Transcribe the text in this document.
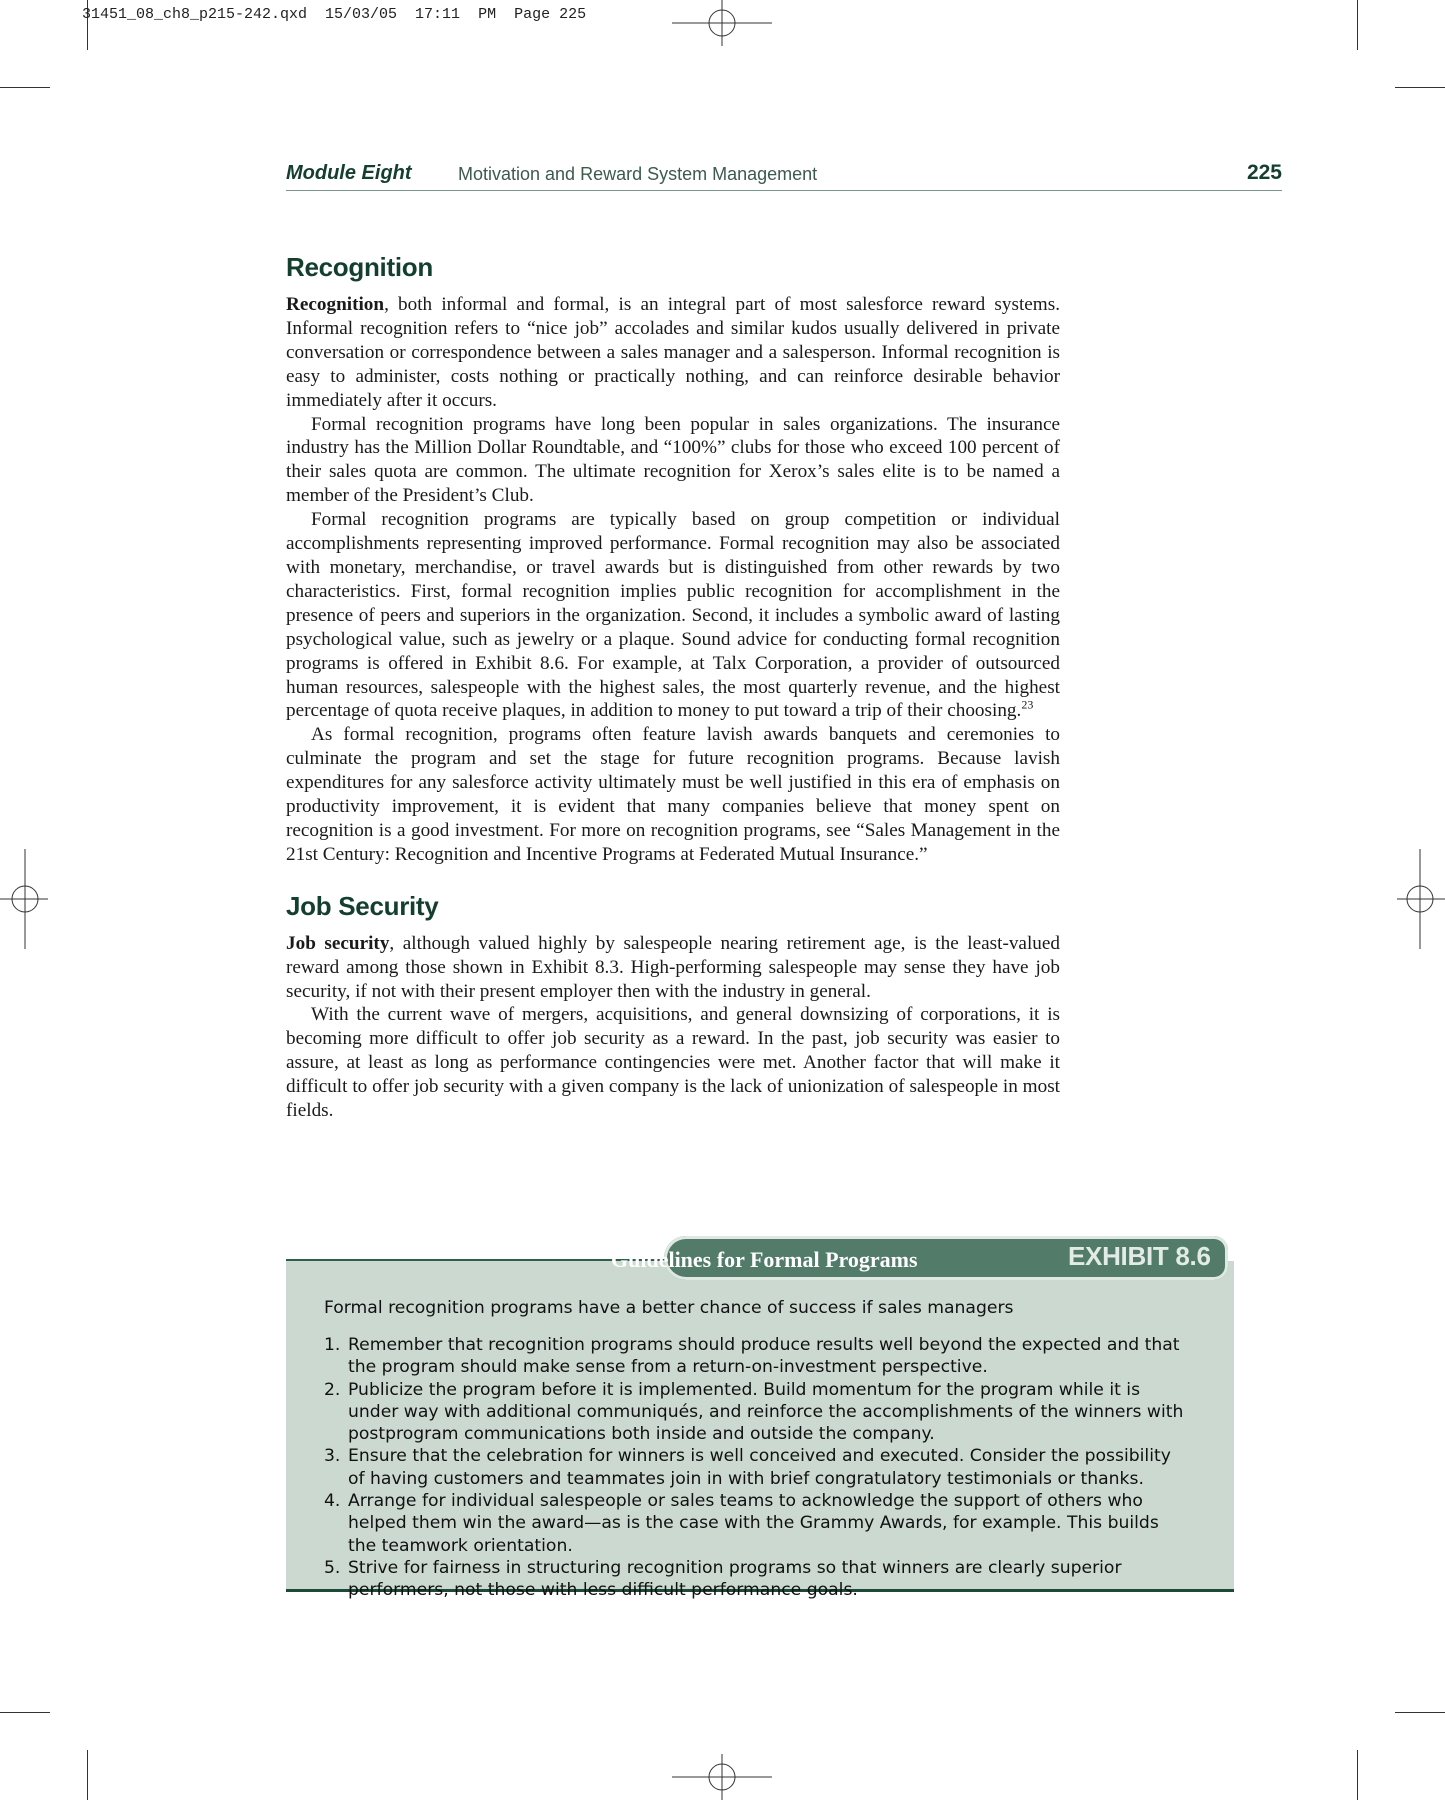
31451_08_ch8_p215-242.qxd  15/03/05  17:11  PM  Page 225
Module Eight	Motivation and Reward System Management	225
Recognition

Recognition, both informal and formal, is an integral part of most salesforce reward systems. Informal recognition refers to “nice job” accolades and similar kudos usually delivered in private conversation or correspondence between a sales manager and a salesperson. Informal recognition is easy to administer, costs nothing or practically nothing, and can reinforce desirable behavior immediately after it occurs.

Formal recognition programs have long been popular in sales organizations. The insurance industry has the Million Dollar Roundtable, and “100%” clubs for those who exceed 100 percent of their sales quota are common. The ultimate recognition for Xerox’s sales elite is to be named a member of the President’s Club.

Formal recognition programs are typically based on group competition or individual accomplishments representing improved performance. Formal recognition may also be associated with monetary, merchandise, or travel awards but is distinguished from other rewards by two characteristics. First, formal recognition implies public recognition for accomplishment in the presence of peers and superiors in the organization. Second, it includes a symbolic award of lasting psychological value, such as jewelry or a plaque. Sound advice for conducting formal recognition programs is offered in Exhibit 8.6. For example, at Talx Corporation, a provider of outsourced human resources, salespeople with the highest sales, the most quarterly revenue, and the highest percentage of quota receive plaques, in addition to money to put toward a trip of their choosing.$^{23}$

As formal recognition, programs often feature lavish awards banquets and ceremonies to culminate the program and set the stage for future recognition programs. Because lavish expenditures for any salesforce activity ultimately must be well justified in this era of emphasis on productivity improvement, it is evident that many companies believe that money spent on recognition is a good investment. For more on recognition programs, see “Sales Management in the 21st Century: Recognition and Incentive Programs at Federated Mutual Insurance.”

Job Security

Job security, although valued highly by salespeople nearing retirement age, is the least-valued reward among those shown in Exhibit 8.3. High-performing salespeople may sense they have job security, if not with their present employer then with the industry in general.

With the current wave of mergers, acquisitions, and general downsizing of corporations, it is becoming more difficult to offer job security as a reward. In the past, job security was easier to assure, at least as long as performance contingencies were met. Another factor that will make it difficult to offer job security with a given company is the lack of unionization of salespeople in most fields.

Guidelines for Formal Programs	EXHIBIT 8.6
Formal recognition programs have a better chance of success if sales managers
1. Remember that recognition programs should produce results well beyond the expected and that the program should make sense from a return-on-investment perspective.
2. Publicize the program before it is implemented. Build momentum for the program while it is under way with additional communiqués, and reinforce the accomplishments of the winners with postprogram communications both inside and outside the company.
3. Ensure that the celebration for winners is well conceived and executed. Consider the possibility of having customers and teammates join in with brief congratulatory testimonials or thanks.
4. Arrange for individual salespeople or sales teams to acknowledge the support of others who helped them win the award—as is the case with the Grammy Awards, for example. This builds the teamwork orientation.
5. Strive for fairness in structuring recognition programs so that winners are clearly superior performers, not those with less difficult performance goals.
